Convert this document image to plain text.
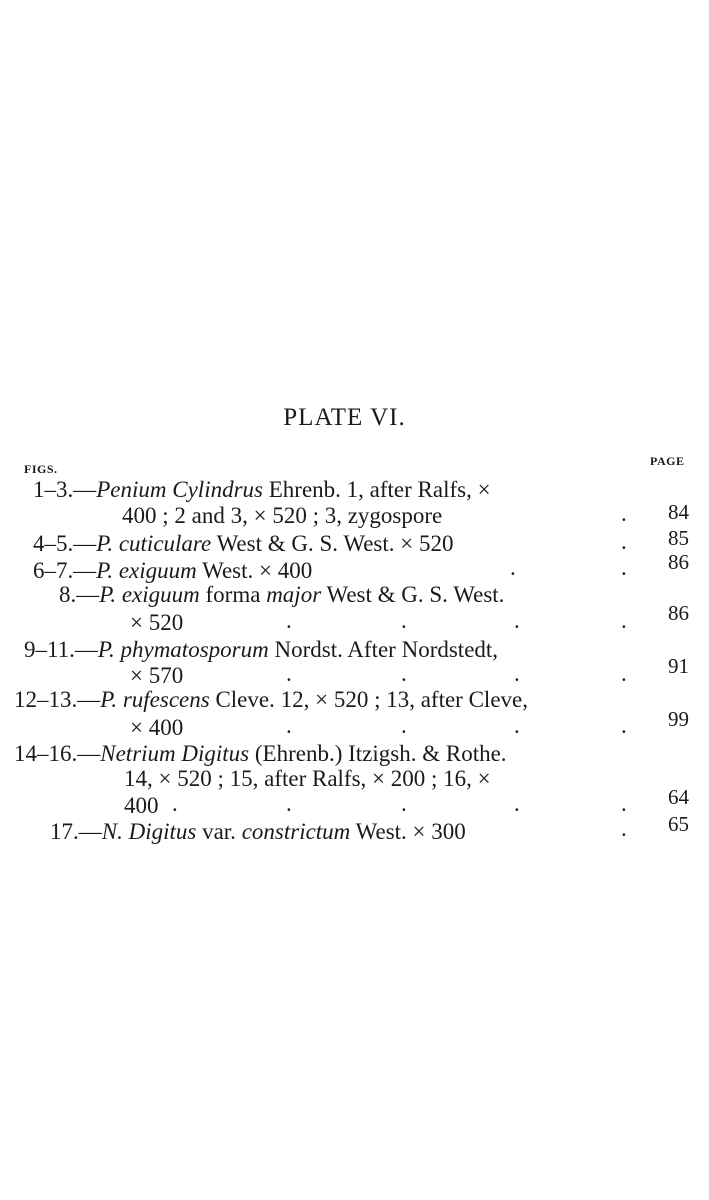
PLATE VI.
FIGS.
PAGE
1–3.—Penium Cylindrus Ehrenb. 1, after Ralfs, ×
400 ; 2 and 3, × 520 ; 3, zygospore	. 84
4–5.—P. cuticulare West & G. S. West. × 520	. 85
6–7.—P. exiguum West. × 400	.	. 86
8.—P. exiguum forma major West & G. S. West.
× 520	.	.	.	. 86
9–11.—P. phymatosporum Nordst. After Nordstedt,
× 570	.	.	.	. 91
12–13.—P. rufescens Cleve. 12, × 520 ; 13, after Cleve,
× 400	.	.	.	. 99
14–16.—Netrium Digitus (Ehrenb.) Itzigsh. & Rothe.
14, × 520 ; 15, after Ralfs, × 200 ; 16, ×
400 .	.	.	.	. 64
17.—N. Digitus var. constrictum West. × 300	. 65
